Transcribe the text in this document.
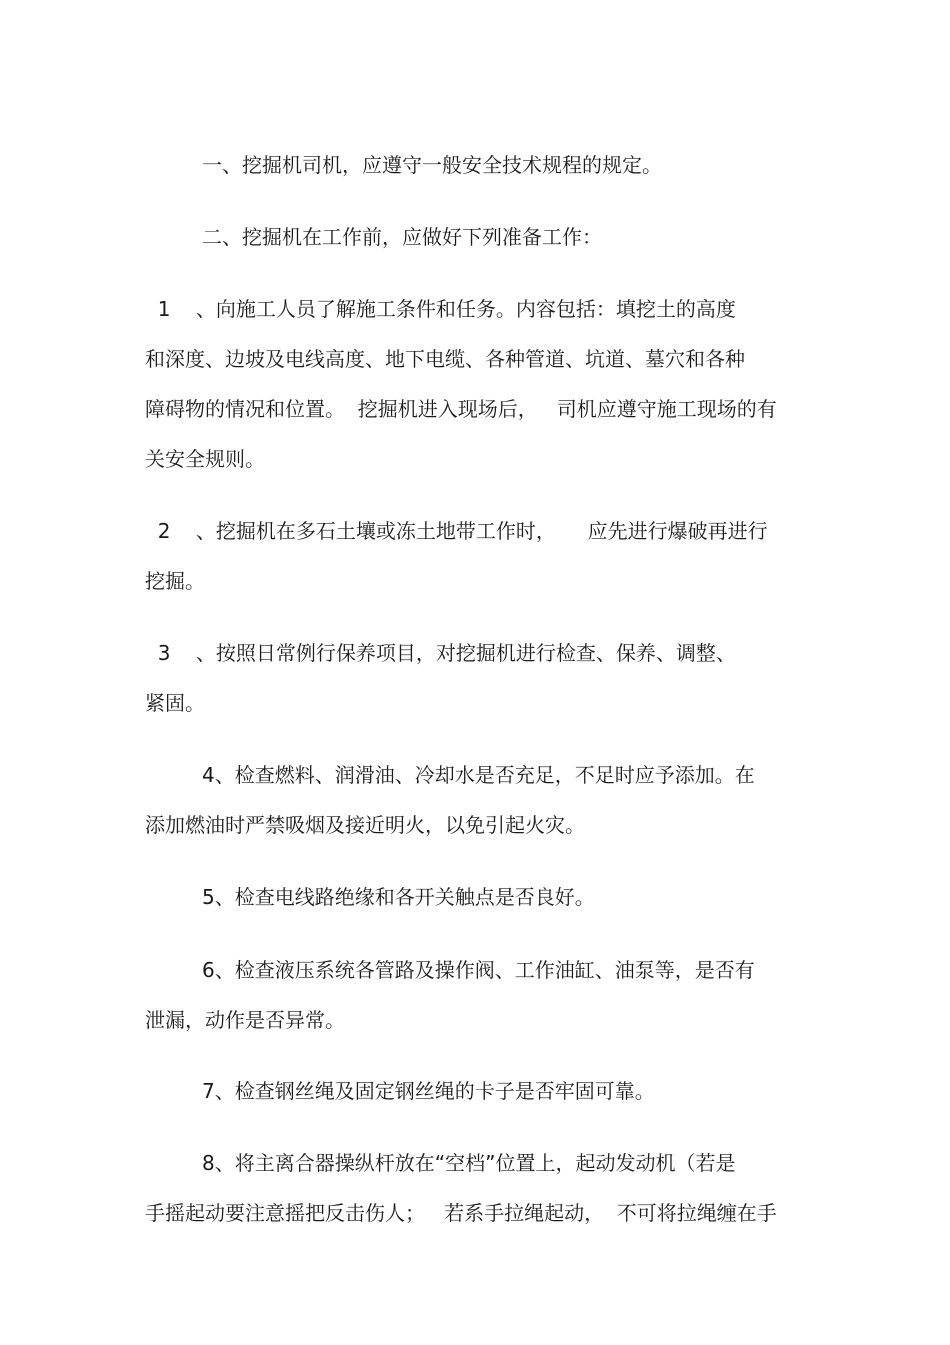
一、挖掘机司机，应遵守一般安全技术规程的规定。
二、挖掘机在工作前，应做好下列准备工作：
1    、向施工人员了解施工条件和任务。内容包括：填挖土的高度
和深度、边坡及电线高度、地下电缆、各种管道、坑道、墓穴和各种
障碍物的情况和位置。  挖掘机进入现场后，   司机应遵守施工现场的有
关安全规则。
2    、挖掘机在多石土壤或冻土地带工作时，     应先进行爆破再进行
挖掘。
3    、按照日常例行保养项目，对挖掘机进行检查、保养、调整、
紧固。
4、检查燃料、润滑油、冷却水是否充足，不足时应予添加。在
添加燃油时严禁吸烟及接近明火，以免引起火灾。
5、检查电线路绝缘和各开关触点是否良好。
6、检查液压系统各管路及操作阀、工作油缸、油泵等，是否有
泄漏，动作是否异常。
7、检查钢丝绳及固定钢丝绳的卡子是否牢固可靠。
8、将主离合器操纵杆放在“空档”位置上，起动发动机（若是
手摇起动要注意摇把反击伤人；   若系手拉绳起动，  不可将拉绳缠在手
